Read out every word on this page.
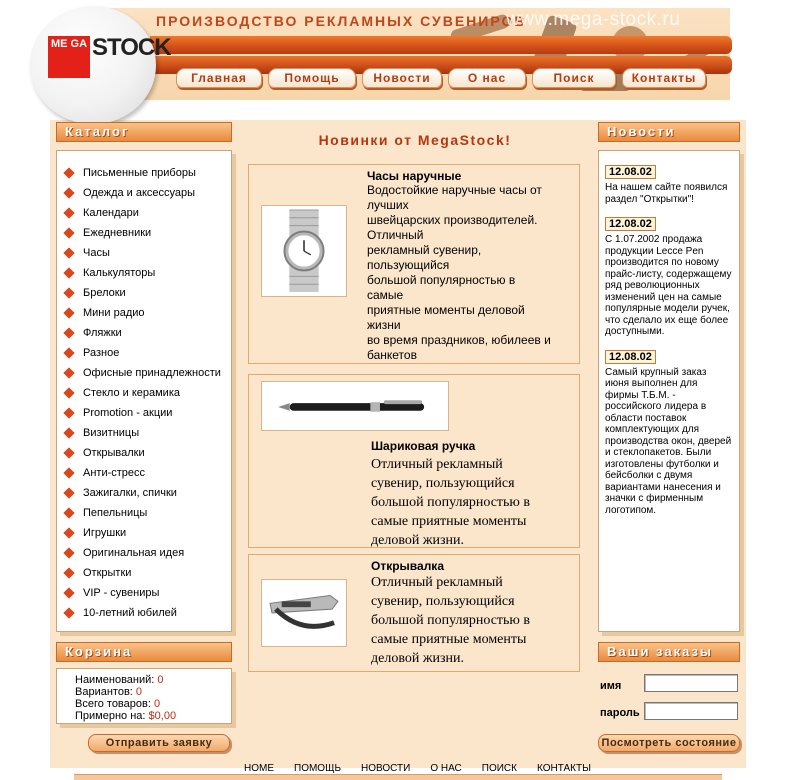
ПРОИЗВОДСТВО РЕКЛАМНЫХ СУВЕНИРОВ
www.mega-stock.ru
ME GA STOCK
Главная	Помощь	Новости	О нас	Поиск	Контакты
Каталог
Письменные приборы
Одежда и аксессуары
Календари
Ежедневники
Часы
Калькуляторы
Брелоки
Мини радио
Фляжки
Разное
Офисные принадлежности
Стекло и керамика
Promotion - акции
Визитницы
Открывалки
Анти-стресс
Зажигалки, спички
Пепельницы
Игрушки
Оригинальная идея
Открытки
VIP - сувениры
10-летний юбилей
Корзина
Наименований: 0
Вариантов: 0
Всего товаров: 0
Примерно на: $0,00
Отправить заявку
Новинки от MegaStock!
Часы наручные
Водостойкие наручные часы от
лучших
швейцарских производителей.
Отличный
рекламный сувенир,
пользующийся
большой популярностью в
самые
приятные моменты деловой
жизни
во время праздников, юбилеев и
банкетов
Шариковая ручка
Отличный рекламный
сувенир, пользующийся
большой популярностью в
самые приятные моменты
деловой жизни.
Открывалка
Отличный рекламный
сувенир, пользующийся
большой популярностью в
самые приятные моменты
деловой жизни.
Новости
12.08.02
На нашем сайте появился раздел "Открытки"!
12.08.02
С 1.07.2002 продажа продукции Lecce Pen производится по новому прайс-листу, содержащему ряд революционных изменений цен на самые популярные модели ручек, что сделало их еще более доступными.
12.08.02
Самый крупный заказ июня выполнен для фирмы Т.Б.М. - российского лидера в области поставок комплектующих для производства окон, дверей и стеклопакетов. Были изготовлены футболки и бейсболки с двумя вариантами нанесения и значки с фирменным логотипом.
Ваши заказы
имя
пароль
Посмотреть состояние
HOME ПОМОЩЬ НОВОСТИ О НАС ПОИСК КОНТАКТЫ
